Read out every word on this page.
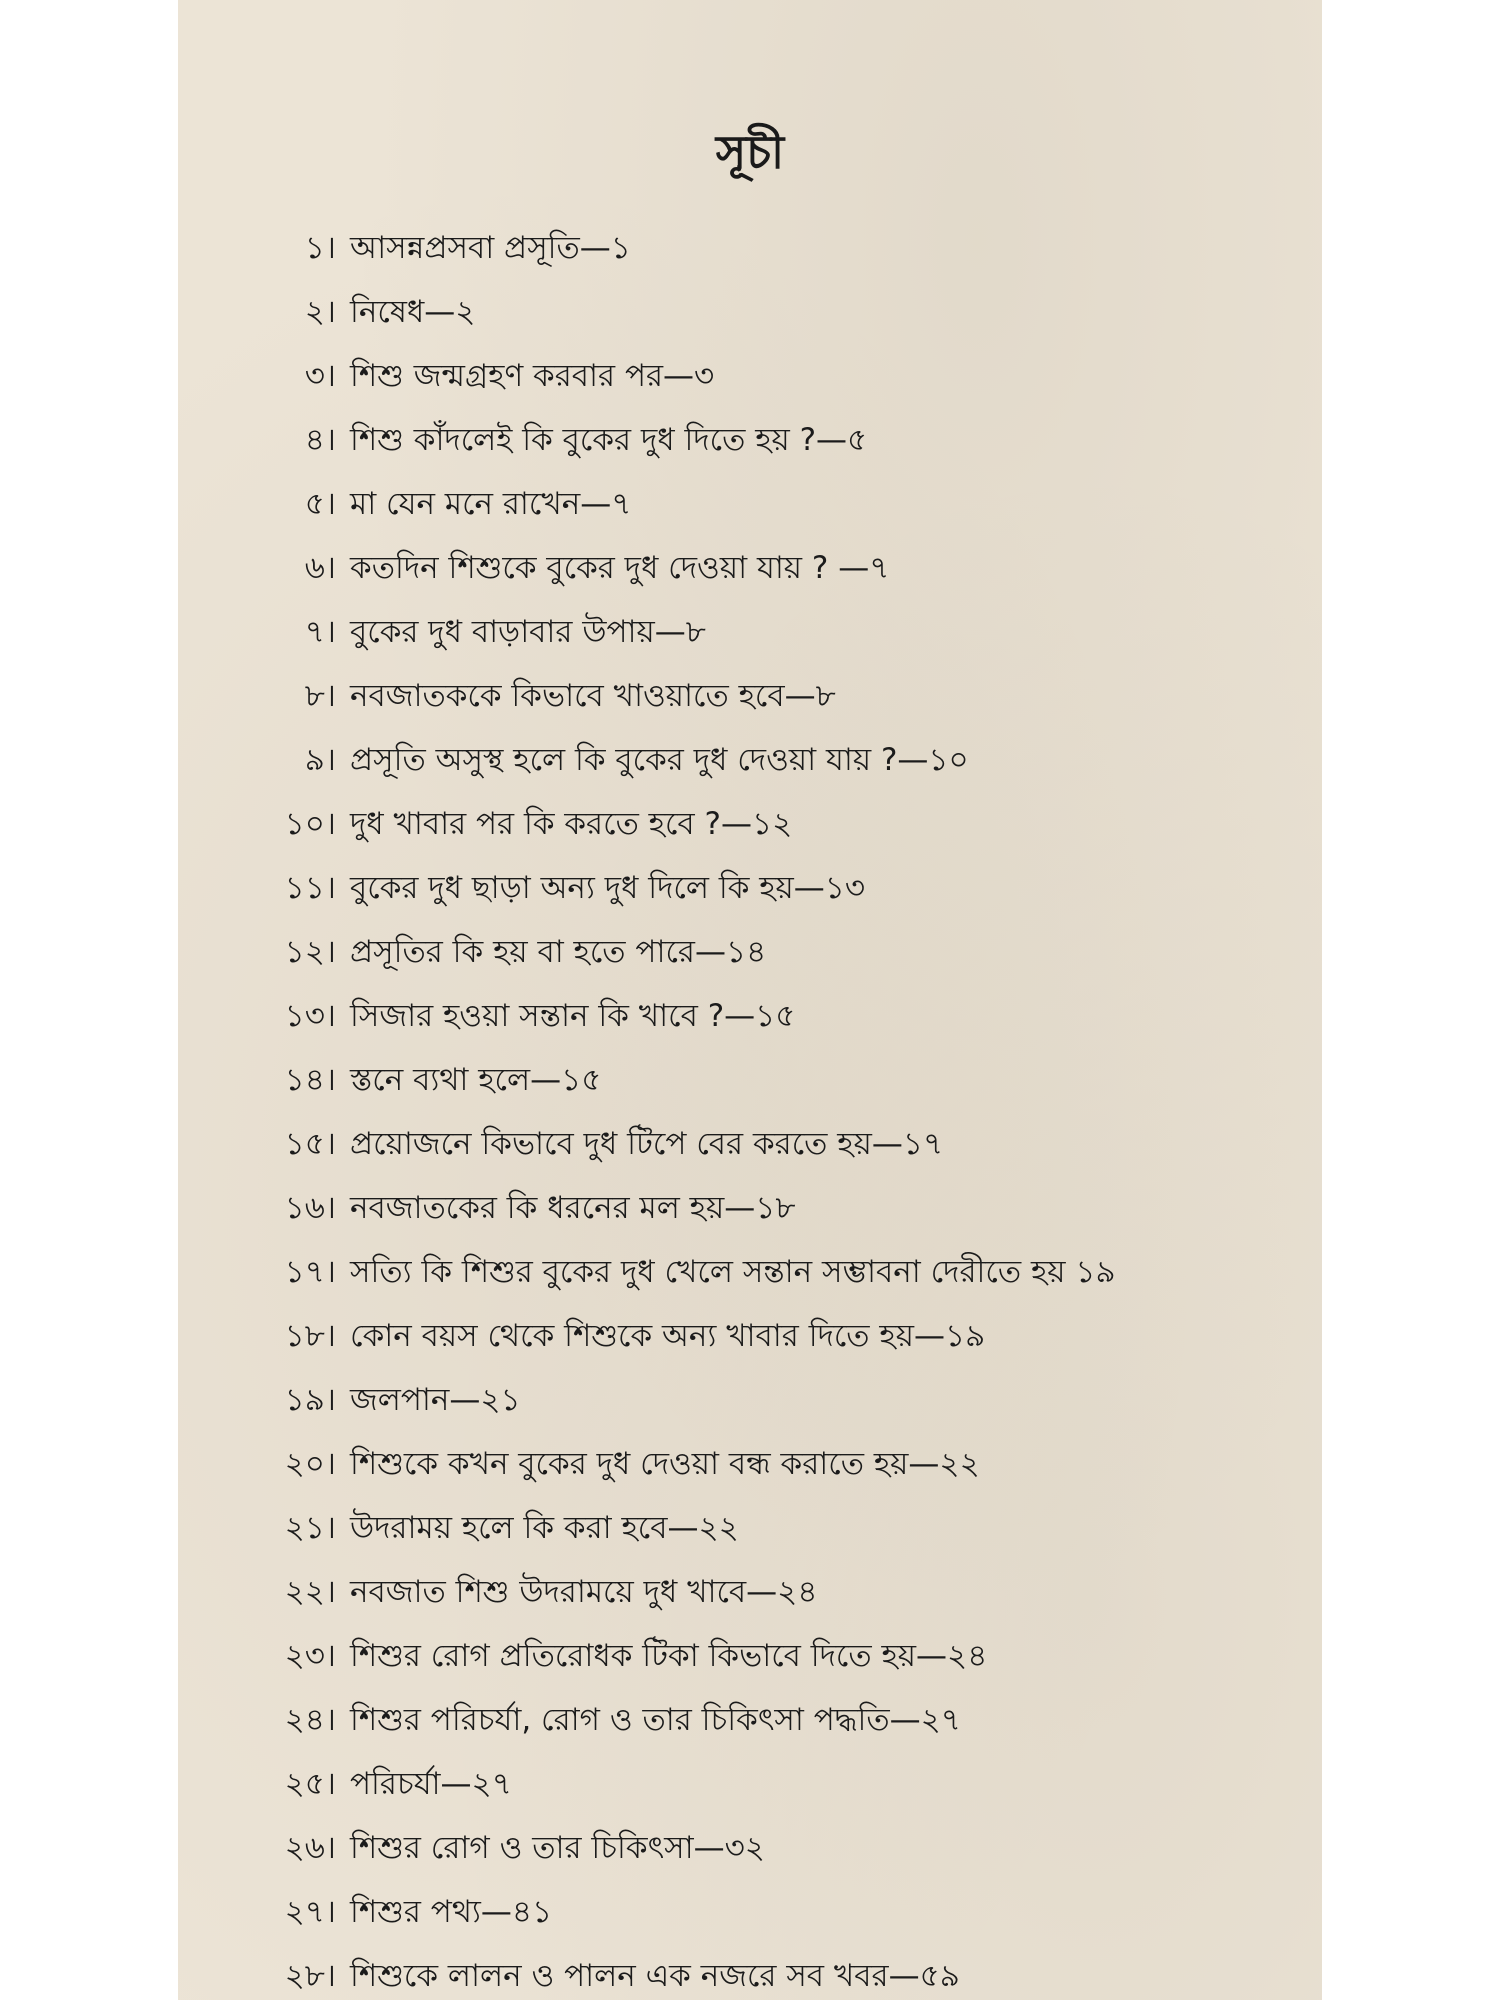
সূচী
১। আসন্নপ্রসবা প্রসূতি—১
২। নিষেধ—২
৩। শিশু জন্মগ্রহণ করবার পর—৩
৪। শিশু কাঁদলেই কি বুকের দুধ দিতে হয় ?—৫
৫। মা যেন মনে রাখেন—৭
৬। কতদিন শিশুকে বুকের দুধ দেওয়া যায় ? —৭
৭। বুকের দুধ বাড়াবার উপায়—৮
৮। নবজাতককে কিভাবে খাওয়াতে হবে—৮
৯। প্রসূতি অসুস্থ হলে কি বুকের দুধ দেওয়া যায় ?—১০
১০। দুধ খাবার পর কি করতে হবে ?—১২
১১। বুকের দুধ ছাড়া অন্য দুধ দিলে কি হয়—১৩
১২। প্রসূতির কি হয় বা হতে পারে—১৪
১৩। সিজার হওয়া সন্তান কি খাবে ?—১৫
১৪। স্তনে ব্যথা হলে—১৫
১৫। প্রয়োজনে কিভাবে দুধ টিপে বের করতে হয়—১৭
১৬। নবজাতকের কি ধরনের মল হয়—১৮
১৭। সত্যি কি শিশুর বুকের দুধ খেলে সন্তান সম্ভাবনা দেরীতে হয় ১৯
১৮। কোন বয়স থেকে শিশুকে অন্য খাবার দিতে হয়—১৯
১৯। জলপান—২১
২০। শিশুকে কখন বুকের দুধ দেওয়া বন্ধ করাতে হয়—২২
২১। উদরাময় হলে কি করা হবে—২২
২২। নবজাত শিশু উদরাময়ে দুধ খাবে—২৪
২৩। শিশুর রোগ প্রতিরোধক টিকা কিভাবে দিতে হয়—২৪
২৪। শিশুর পরিচর্যা, রোগ ও তার চিকিৎসা পদ্ধতি—২৭
২৫। পরিচর্যা—২৭
২৬। শিশুর রোগ ও তার চিকিৎসা—৩২
২৭। শিশুর পথ্য—৪১
২৮। শিশুকে লালন ও পালন এক নজরে সব খবর—৫৯
